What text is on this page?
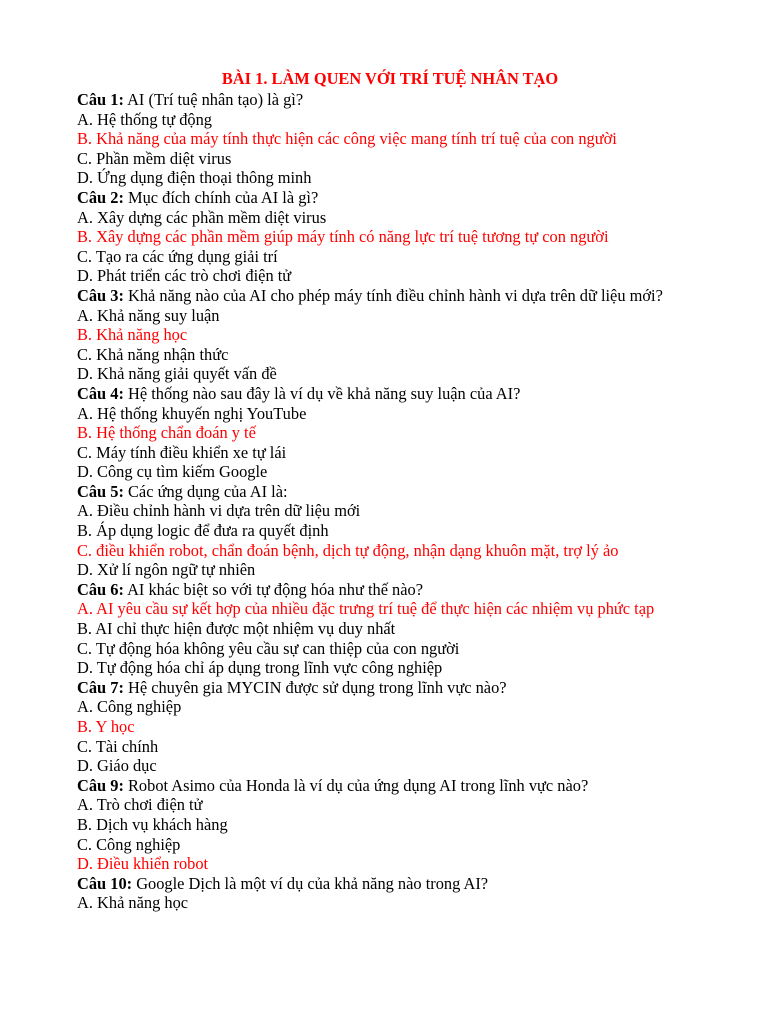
BÀI 1. LÀM QUEN VỚI TRÍ TUỆ NHÂN TẠO
Câu 1: AI (Trí tuệ nhân tạo) là gì?
A. Hệ thống tự động
B. Khả năng của máy tính thực hiện các công việc mang tính trí tuệ của con người
C. Phần mềm diệt virus
D. Ứng dụng điện thoại thông minh
Câu 2: Mục đích chính của AI là gì?
A. Xây dựng các phần mềm diệt virus
B. Xây dựng các phần mềm giúp máy tính có năng lực trí tuệ tương tự con người
C. Tạo ra các ứng dụng giải trí
D. Phát triển các trò chơi điện tử
Câu 3: Khả năng nào của AI cho phép máy tính điều chỉnh hành vi dựa trên dữ liệu mới?
A. Khả năng suy luận
B. Khả năng học
C. Khả năng nhận thức
D. Khả năng giải quyết vấn đề
Câu 4: Hệ thống nào sau đây là ví dụ về khả năng suy luận của AI?
A. Hệ thống khuyến nghị YouTube
B. Hệ thống chẩn đoán y tế
C. Máy tính điều khiển xe tự lái
D. Công cụ tìm kiếm Google
Câu 5: Các ứng dụng của AI là:
A. Điều chỉnh hành vi dựa trên dữ liệu mới
B. Áp dụng logic để đưa ra quyết định
C. điều khiển robot, chẩn đoán bệnh, dịch tự động, nhận dạng khuôn mặt, trợ lý ảo
D. Xử lí ngôn ngữ tự nhiên
Câu 6: AI khác biệt so với tự động hóa như thế nào?
A. AI yêu cầu sự kết hợp của nhiều đặc trưng trí tuệ để thực hiện các nhiệm vụ phức tạp
B. AI chỉ thực hiện được một nhiệm vụ duy nhất
C. Tự động hóa không yêu cầu sự can thiệp của con người
D. Tự động hóa chỉ áp dụng trong lĩnh vực công nghiệp
Câu 7: Hệ chuyên gia MYCIN được sử dụng trong lĩnh vực nào?
A. Công nghiệp
B. Y học
C. Tài chính
D. Giáo dục
Câu 9: Robot Asimo của Honda là ví dụ của ứng dụng AI trong lĩnh vực nào?
A. Trò chơi điện tử
B. Dịch vụ khách hàng
C. Công nghiệp
D. Điều khiển robot
Câu 10: Google Dịch là một ví dụ của khả năng nào trong AI?
A. Khả năng học
